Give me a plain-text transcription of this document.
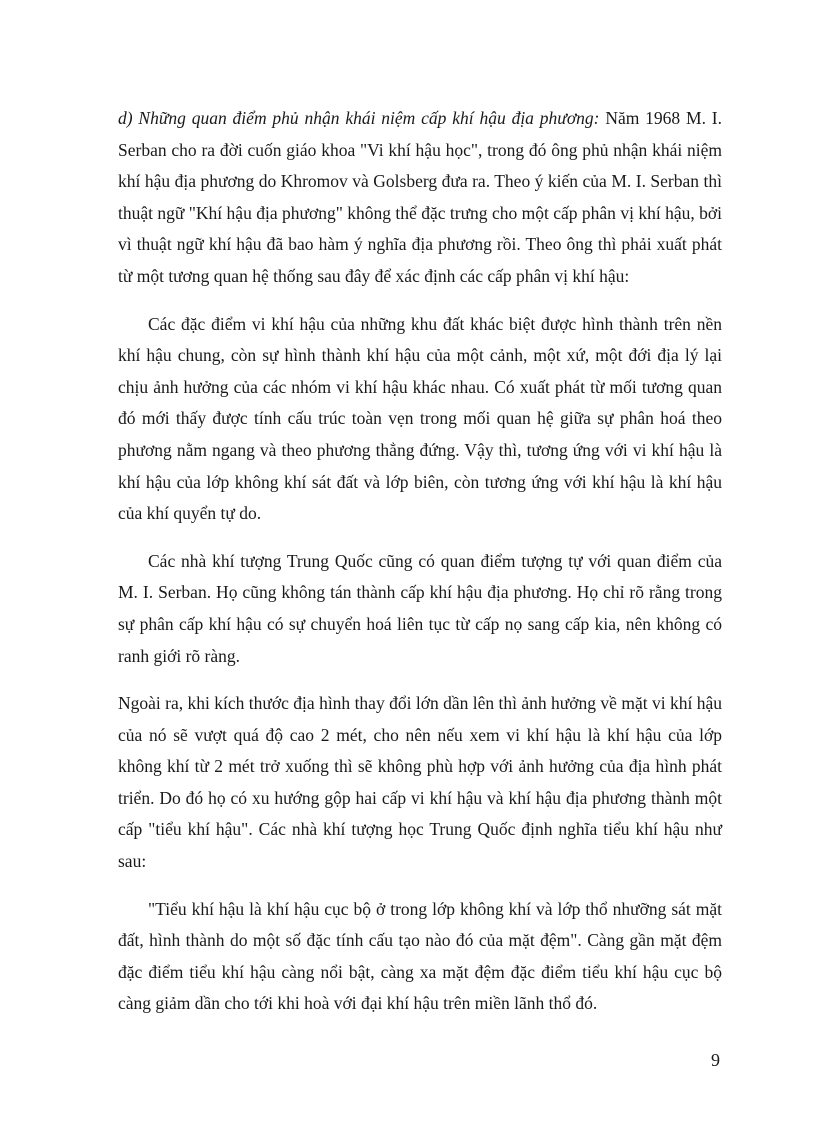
d) Những quan điểm phủ nhận khái niệm cấp khí hậu địa phương: Năm 1968 M. I. Serban cho ra đời cuốn giáo khoa "Vi khí hậu học", trong đó ông phủ nhận khái niệm khí hậu địa phương do Khromov và Golsberg đưa ra. Theo ý kiến của M. I. Serban thì thuật ngữ "Khí hậu địa phương" không thể đặc trưng cho một cấp phân vị khí hậu, bởi vì thuật ngữ khí hậu đã bao hàm ý nghĩa địa phương rồi. Theo ông thì phải xuất phát từ một tương quan hệ thống sau đây để xác định các cấp phân vị khí hậu:

Các đặc điểm vi khí hậu của những khu đất khác biệt được hình thành trên nền khí hậu chung, còn sự hình thành khí hậu của một cảnh, một xứ, một đới địa lý lại chịu ảnh hưởng của các nhóm vi khí hậu khác nhau. Có xuất phát từ mối tương quan đó mới thấy được tính cấu trúc toàn vẹn trong mối quan hệ giữa sự phân hoá theo phương nằm ngang và theo phương thẳng đứng. Vậy thì, tương ứng với vi khí hậu là khí hậu của lớp không khí sát đất và lớp biên, còn tương ứng với khí hậu là khí hậu của khí quyển tự do.

Các nhà khí tượng Trung Quốc cũng có quan điểm tượng tự với quan điểm của M. I. Serban. Họ cũng không tán thành cấp khí hậu địa phương. Họ chỉ rõ rằng trong sự phân cấp khí hậu có sự chuyển hoá liên tục từ cấp nọ sang cấp kia, nên không có ranh giới rõ ràng.

Ngoài ra, khi kích thước địa hình thay đổi lớn dần lên thì ảnh hưởng về mặt vi khí hậu của nó sẽ vượt quá độ cao 2 mét, cho nên nếu xem vi khí hậu là khí hậu của lớp không khí từ 2 mét trở xuống thì sẽ không phù hợp với ảnh hưởng của địa hình phát triển. Do đó họ có xu hướng gộp hai cấp vi khí hậu và khí hậu địa phương thành một cấp "tiểu khí hậu". Các nhà khí tượng học Trung Quốc định nghĩa tiểu khí hậu như sau:

"Tiểu khí hậu là khí hậu cục bộ ở trong lớp không khí và lớp thổ nhưỡng sát mặt đất, hình thành do một số đặc tính cấu tạo nào đó của mặt đệm". Càng gần mặt đệm đặc điểm tiểu khí hậu càng nổi bật, càng xa mặt đệm đặc điểm tiểu khí hậu cục bộ càng giảm dần cho tới khi hoà với đại khí hậu trên miền lãnh thổ đó.

9
